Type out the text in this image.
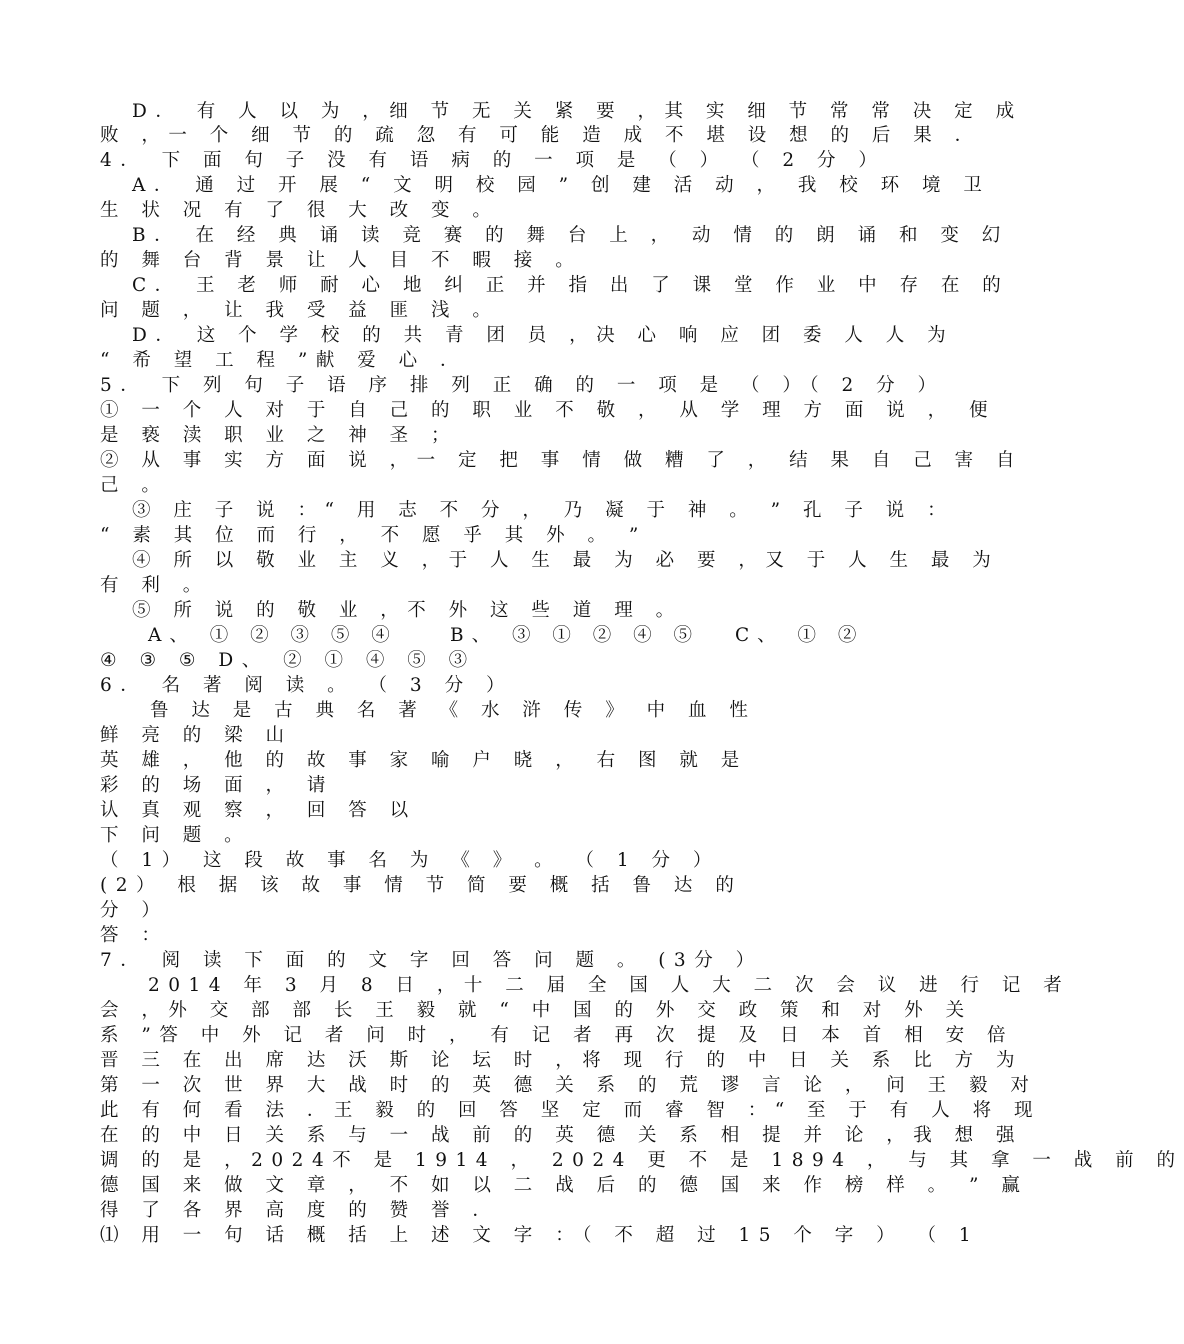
D． 有 人 以 为 ，细 节 无 关 紧 要 ，其 实 细 节 常 常 决 定 成
败 ，一 个 细 节 的 疏 忽 有 可 能 造 成 不 堪 设 想 的 后 果 ．
4． 下 面 句 子 没 有 语 病 的 一 项 是 （ ） （ 2 分 ）
A． 通 过 开 展 “ 文 明 校 园 ” 创 建 活 动 ， 我 校 环 境 卫
生 状 况 有 了 很 大 改 变 。
B． 在 经 典 诵 读 竞 赛 的 舞 台 上 ， 动 情 的 朗 诵 和 变 幻
的 舞 台 背 景 让 人 目 不 暇 接 。
C． 王 老 师 耐 心 地 纠 正 并 指 出 了 课 堂 作 业 中 存 在 的
问 题 ， 让 我 受 益 匪 浅 。
D． 这 个 学 校 的 共 青 团 员 ，决 心 响 应 团 委 人 人 为
“ 希 望 工 程 ”献 爱 心 ．
5． 下 列 句 子 语 序 排 列 正 确 的 一 项 是 （ ）（ 2 分 ）
① 一 个 人 对 于 自 己 的 职 业 不 敬 ， 从 学 理 方 面 说 ， 便
是 亵 渎 职 业 之 神 圣 ；
② 从 事 实 方 面 说 ，一 定 把 事 情 做 糟 了 ， 结 果 自 己 害 自
己 。
③ 庄 子 说 ：“ 用 志 不 分 ， 乃 凝 于 神 。 ” 孔 子 说 ：
“ 素 其 位 而 行 ， 不 愿 乎 其 外 。 ”
④ 所 以 敬 业 主 义 ，于 人 生 最 为 必 要 ，又 于 人 生 最 为
有 利 。
⑤ 所 说 的 敬 业 ，不 外 这 些 道 理 。
A、 ① ② ③ ⑤ ④	B、 ③ ① ② ④ ⑤ C、 ① ②
④ ③ ⑤ D、 ② ① ④ ⑤ ③
6． 名 著 阅 读 。 （ 3 分 ）
鲁 达 是 古 典 名 著 《 水 浒 传 》 中 血 性
鲜 亮 的 梁 山
英 雄 ， 他 的 故 事 家 喻 户 晓 ， 右 图 就 是
彩 的 场 面 ， 请
认 真 观 察 ， 回 答 以
下 问 题 。
（ 1） 这 段 故 事 名 为 《 》 。 （ 1 分 ）
(2） 根 据 该 故 事 情 节 简 要 概 括 鲁 达 的
分 ）
答 ：
7． 阅 读 下 面 的 文 字 回 答 问 题 。 (3分 ）
2014 年 3 月 8 日 ，十 二 届 全 国 人 大 二 次 会 议 进 行 记 者
会 ，外 交 部 部 长 王 毅 就 “ 中 国 的 外 交 政 策 和 对 外 关
系 ”答 中 外 记 者 问 时 ， 有 记 者 再 次 提 及 日 本 首 相 安 倍
晋 三 在 出 席 达 沃 斯 论 坛 时 ，将 现 行 的 中 日 关 系 比 方 为
第 一 次 世 界 大 战 时 的 英 德 关 系 的 荒 谬 言 论 ， 问 王 毅 对
此 有 何 看 法 ．王 毅 的 回 答 坚 定 而 睿 智 ：“ 至 于 有 人 将 现
在 的 中 日 关 系 与 一 战 前 的 英 德 关 系 相 提 并 论 ，我 想 强
调 的 是 ，2024不 是 1914 ， 2024 更 不 是 1894 ， 与 其 拿 一 战 前 的
德 国 来 做 文 章 ， 不 如 以 二 战 后 的 德 国 来 作 榜 样 。 ” 赢
得 了 各 界 高 度 的 赞 誉 ．
⑴ 用 一 句 话 概 括 上 述 文 字 ：（ 不 超 过 15 个 字 ） （ 1
